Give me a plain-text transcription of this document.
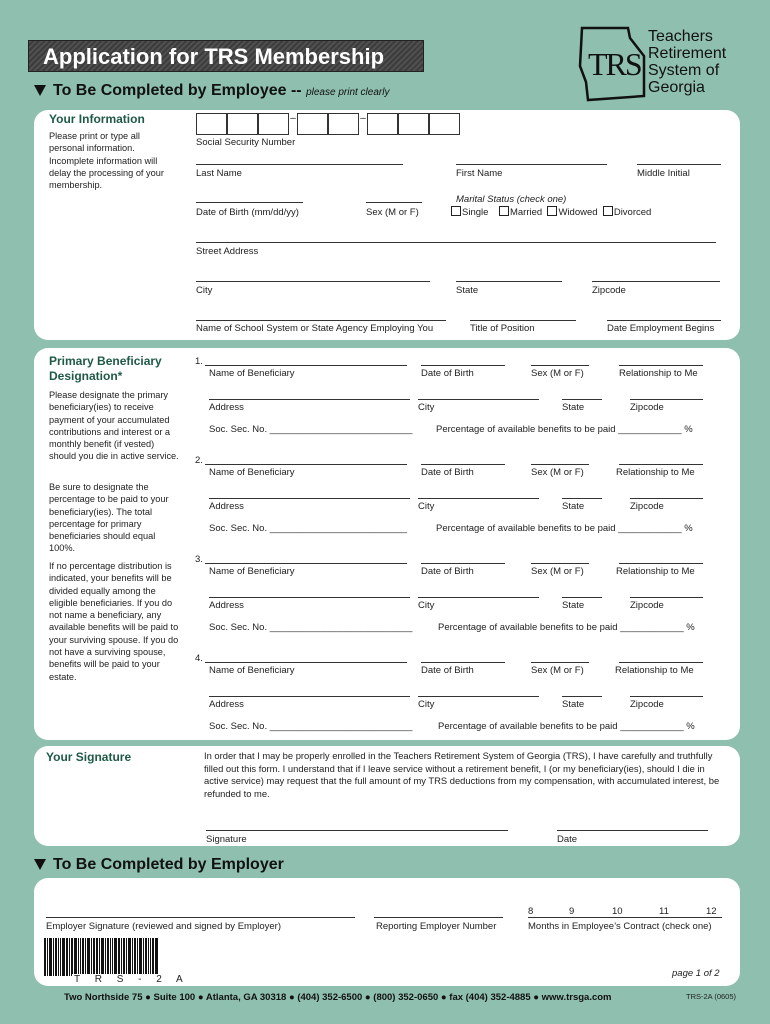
Application for TRS Membership	TRS
Teachers
Retirement
System of
Georgia
To Be Completed by Employee -- please print clearly
Your Information
Please print or type all personal information. Incomplete information will delay the processing of your membership.
–	–
Social Security Number
Last Name	First Name	Middle Initial
Date of Birth (mm/dd/yy)	Sex (M or F)
Marital Status (check one)
Single Married Widowed Divorced
Street Address
City	State	Zipcode
Name of School System or State Agency Employing You	Title of Position	Date Employment Begins
Primary Beneficiary Designation*
Please designate the primary beneficiary(ies) to receive payment of your accumulated contributions and interest or a monthly benefit (if vested) should you die in active service.
Be sure to designate the percentage to be paid to your beneficiary(ies). The total percentage for primary beneficiaries should equal 100%.
If no percentage distribution is indicated, your benefits will be divided equally among the eligible beneficiaries. If you do not name a beneficiary, any available benefits will be paid to your surviving spouse. If you do not have a surviving spouse, benefits will be paid to your estate.
1.
Name of Beneficiary	Date of Birth	Sex (M or F)	Relationship to Me
Address	City	State	Zipcode
Soc. Sec. No. ___________________________ Percentage of available benefits to be paid ____________ %
2.
Name of Beneficiary	Date of Birth	Sex (M or F)	Relationship to Me
Address	City	State	Zipcode
Soc. Sec. No. __________________________	Percentage of available benefits to be paid ____________ %
3.
Name of Beneficiary	Date of Birth	Sex (M or F)	Relationship to Me
Address	City	State	Zipcode
Soc. Sec. No. ___________________________	Percentage of available benefits to be paid ____________ %
4.
Name of Beneficiary	Date of Birth	Sex (M or F)	Relationship to Me
Address	City	State	Zipcode
Soc. Sec. No. ___________________________	Percentage of available benefits to be paid ____________ %
Your Signature	In order that I may be properly enrolled in the Teachers Retirement System of Georgia (TRS), I have carefully and truthfully filled out this form. I understand that if I leave service without a retirement benefit, I (or my beneficiary(ies), should I die in active service) may request that the full amount of my TRS deductions from my compensation, with accumulated interest, be refunded to me.
Signature	Date
To Be Completed by Employer
Employer Signature (reviewed and signed by Employer)	Reporting Employer Number	Months in Employee’s Contract (check one)
8	9	10	11	12
T R S - 2 A
page 1 of 2
Two Northside 75 ● Suite 100 ● Atlanta, GA 30318 ● (404) 352-6500 ● (800) 352-0650 ● fax (404) 352-4885 ● www.trsga.com	TRS-2A (0605)
